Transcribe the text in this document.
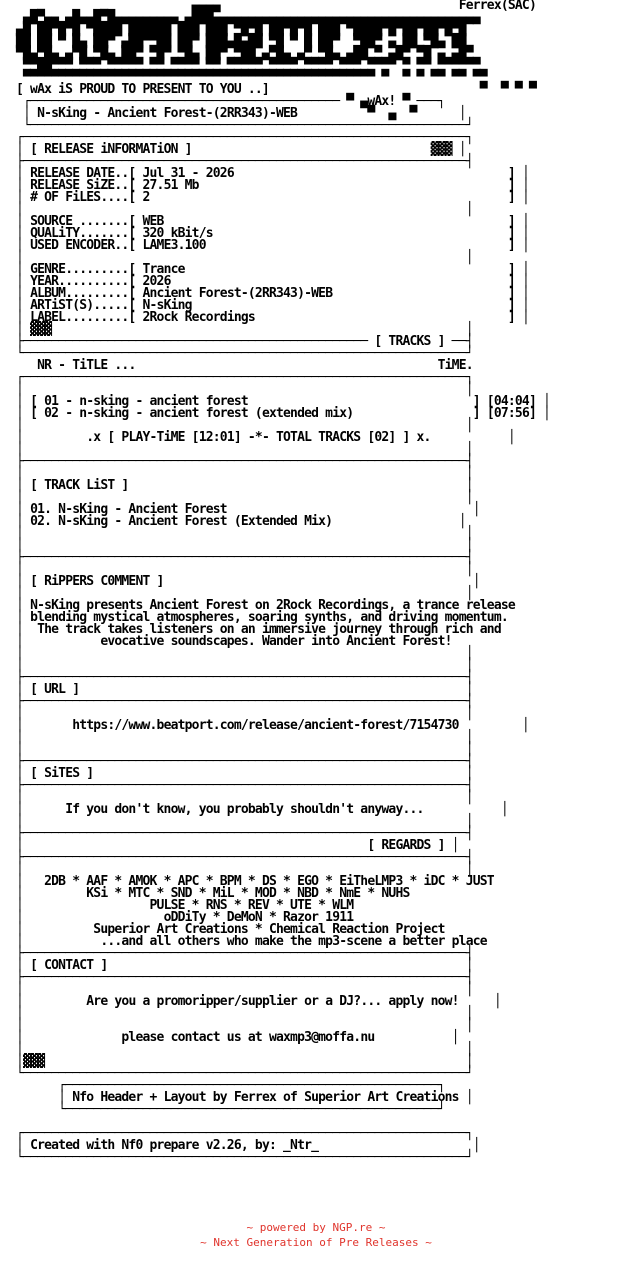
▄▄▄▄                                  Ferrex(SAC)
▄█▀▄▄ ▄█▄▄█▀█▄▄▄▄▄▄▄▄▄ ▄███▄▄▄▄▄▄▄▄▄▄▄▄▄▄▄▄▄▄▄▄▄▄▄▄▄▄▄▄▄▄▄▄▄▄▄▄▄▄
▄█ ██▀█▀█ ▀████ ██████ ███ ███ ▀█▀█ ██▀█▀█ ███ ▀████▀█▀██▀██▀█▀█
██ ██ ▀ █▄ ██▀ ▄██▀▀██ ██▀ ███▄█▄██ ▀█ ▀ █ ██▀  ▀██▀ ▄ ██ ▀█▄ ██
▀█▄▀█▄ ▄▀█ ▀█▄ ██▀ ▀█▀ ▀█▄ ██▀ ▀██ ▄▀█▄ ▄▀ ▀█▄ ▄██ ▀ ▄█▀ ▀█ ▄ ▄█▀
▀▀██▀▀▀ ▀▀▀ ▀▀▀▀▀ ▀▀ ▀▀▀▀ ▀▀ ▀▀▀▀▀ ▀▀▀▀ ▀▀▀▀ ▀▀▀ ▀▀▀▀ ▀ ▀▀ ▀▀▀▀▀▀
▀▀▀▀▀▀▀▀▀▀▀▀▀▀▀▀▀▀▀▀▀▀▀▀▀▀▀▀▀▀▀▀▀▀▀▀▀▀▀▀▀▀▀▀▀▀▀▀▀▀ ▀  ▀ ▀ ▀▀ ▀▀ ▀▀
[ wAx iS PROUD TO PRESENT TO YOU ..]	▀  ▀ ▀ ▀
┌──────────────────────────────────────────── ▀ ▄wAx! ▀ ───┐
│ N-sKing - Ancient Forest-(2RR343)-WEB	▀  ▄  ▀      │
└──────────────────────────────────────────────────────────────┘
┌───────────────────────────────────────────────────────────────┐
│ [ RELEASE iNFORMATiON ]	▓▓▓ │
├───────────────────────────────────────────────────────────────┤
│ RELEASE DATE..[ Jul 31 - 2026	] │
│ RELEASE SiZE..[ 27.51 Mb	] │
│ # OF FiLES....[ 2	] │
│                                                               │
│ SOURCE .......[ WEB	] │
│ QUALiTY.......[ 320 kBit/s	] │
│ USED ENCODER..[ LAME3.100	] │
│                                                               │
│ GENRE.........[ Trance	] │
│ YEAR..........[ 2026	] │
│ ALBUM.........[ Ancient Forest-(2RR343)-WEB	] │
│ ARTiST(S).....[ N-sKing	] │
│ LABEL.........[ 2Rock Recordings	] │
│ ▓▓▓                                                           │
├───────────────────────────────────────────────── [ TRACKS ] ──┤
└───────────────────────────────────────────────────────────────┘
NR - TiTLE ...	TiME.
┌───────────────────────────────────────────────────────────────┐
│                                                               │
│ [ 01 - n-sking - ancient forest	] [04:04] │
│ [ 02 - n-sking - ancient forest (extended mix)	] [07:56] │
│                                                               │
│	.x [ PLAY-TiME [12:01] -*- TOTAL TRACKS [02] ] x.	│
│                                                               │
├───────────────────────────────────────────────────────────────┤
│                                                               │
│ [ TRACK LiST ]	│
│                                                               │
│ 01. N-sKing - Ancient Forest	│
│ 02. N-sKing - Ancient Forest (Extended Mix)	│
│                                                               │
│                                                               │
├───────────────────────────────────────────────────────────────┤
│                                                               │
│ [ RiPPERS C0MMENT ]	│
│                                                               │
│ N-sKing presents Ancient Forest on 2Rock Recordings, a trance release
│ blending mystical atmospheres, soaring synths, and driving momentum.
│  The track takes listeners on an immersive journey through rich and
│           evocative soundscapes. Wander into Ancient Forest!
│                                                               │
│                                                               │
├───────────────────────────────────────────────────────────────┤
│ [ URL ]	│
├───────────────────────────────────────────────────────────────┤
│                                                               │
│	https://www.beatport.com/release/ancient-forest/7154730	│
│                                                               │
│                                                               │
├───────────────────────────────────────────────────────────────┤
│ [ SiTES ]	│
├───────────────────────────────────────────────────────────────┤
│                                                               │
│	If you don't know, you probably shouldn't anyway...	│
│                                                               │
├───────────────────────────────────────────────────────────────┤
│	[ REGARDS ] │
├───────────────────────────────────────────────────────────────┤
│                                                               │
│   2DB * AAF * AMOK * APC * BPM * DS * EGO * EiTheLMP3 * iDC * JUST
│         KSi * MTC * SND * MiL * MOD * NBD * NmE * NUHS
│                  PULSE * RNS * REV * UTE * WLM
│                    oDDiTy * DeMoN * Razor 1911
│          Superior Art Creations * Chemical Reaction Project
│           ...and all others who make the mp3-scene a better place
├───────────────────────────────────────────────────────────────┤
│ [ CONTACT ]	│
├───────────────────────────────────────────────────────────────┤
│                                                               │
│	Are you a promoripper/supplier or a DJ?... apply now!	│
│                                                               │
│                                                               │
│	please contact us at waxmp3@moffa.nu	│
│                                                               │
│▓▓▓                                                            │
└───────────────────────────────────────────────────────────────┘
┌─────────────────────────────────────────────────────┐
│ Nfo Header + Layout by Ferrex of Superior Art Creations │
└─────────────────────────────────────────────────────┘

┌───────────────────────────────────────────────────────────────┐
│ Created with Nf0 prepare v2.26, by: _Ntr_	│
└───────────────────────────────────────────────────────────────┘
~ powered by NGP.re ~
~ Next Generation of Pre Releases ~
